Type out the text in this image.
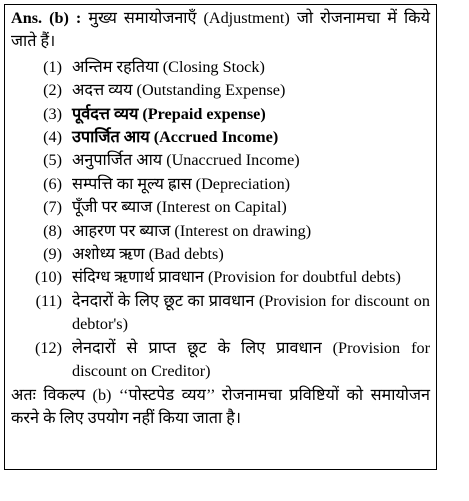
Ans. (b) : मुख्य समायोजनाएँ (Adjustment) जो रोजनामचा में किये जाते हैं।
(1) अन्तिम रहतिया (Closing Stock)
(2) अदत्त व्यय (Outstanding Expense)
(3) पूर्वदत्त व्यय (Prepaid expense)
(4) उपार्जित आय (Accrued Income)
(5) अनुपार्जित आय (Unaccrued Income)
(6) सम्पत्ति का मूल्य ह्रास (Depreciation)
(7) पूँजी पर ब्याज (Interest on Capital)
(8) आहरण पर ब्याज (Interest on drawing)
(9) अशोध्य ऋण (Bad debts)
(10) संदिग्ध ऋणार्थ प्रावधान (Provision for doubtful debts)
(11) देनदारों के लिए छूट का प्रावधान (Provision for discount on debtor's)
(12) लेनदारों से प्राप्त छूट के लिए प्रावधान (Provision for discount on Creditor)
अतः विकल्प (b) ‘‘पोस्टपेड व्यय’’ रोजनामचा प्रविष्टियों को समायोजन करने के लिए उपयोग नहीं किया जाता है।
